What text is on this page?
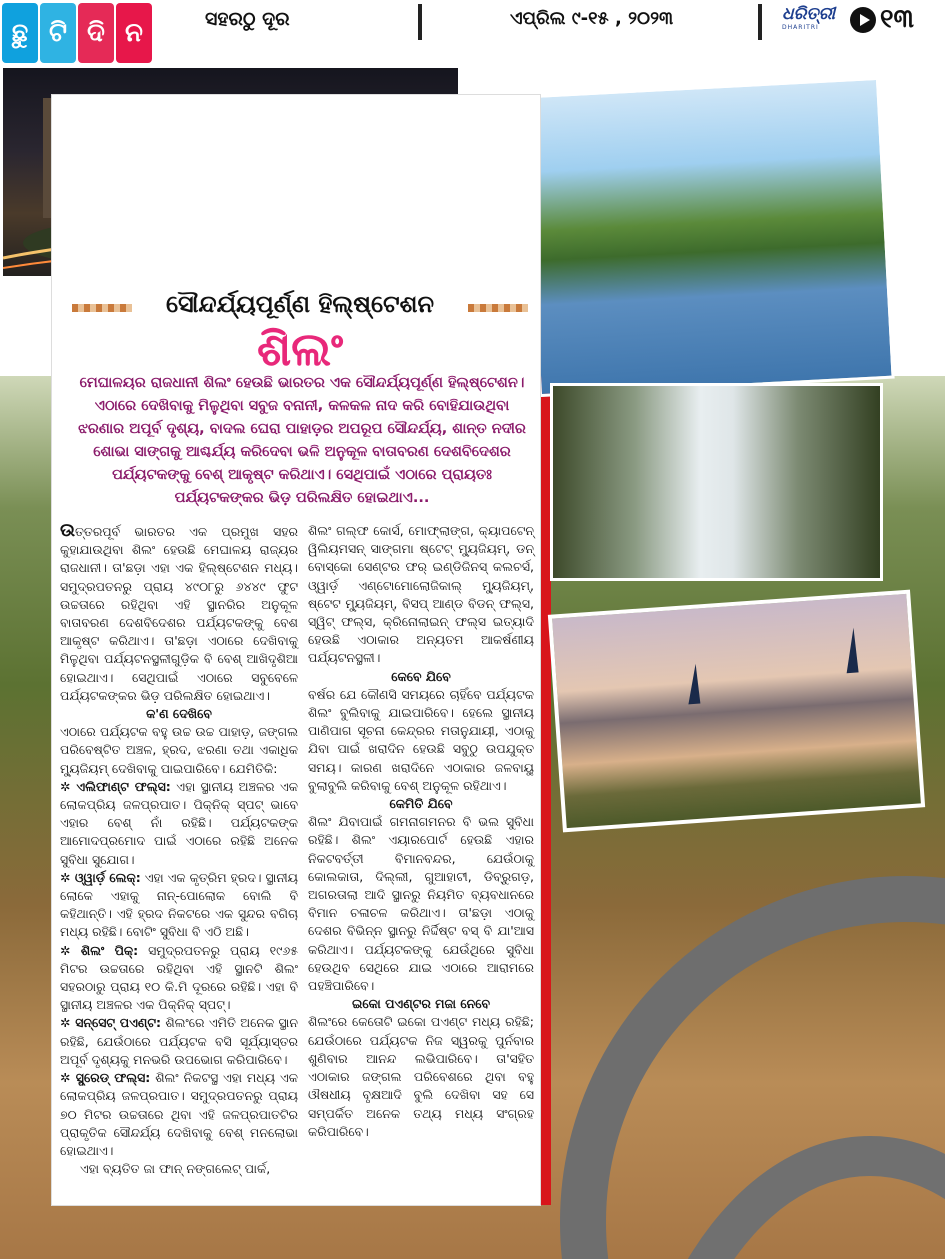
ଛୁ ଟି ଦି ନ	ସହରଠୁ ଦୂର	ଏପ୍ରିଲ ୯-୧୫ , ୨୦୨୩	ଧରିତ୍ରୀ
DHARITRI	୧୩
ସୌନ୍ଦର୍ଯ୍ୟପୂର୍ଣ୍ଣ ହିଲ୍‌ଷ୍ଟେଶନ
ଶିଲଂ
ମେଘାଳୟର ରାଜଧାନୀ ଶିଲଂ ହେଉଛି ଭାରତର ଏକ ସୌନ୍ଦର୍ଯ୍ୟପୂର୍ଣ୍ଣ ହିଲ୍‌ଷ୍ଟେଶନ। ଏଠାରେ ଦେଖିବାକୁ ମିଳୁଥିବା ସବୁଜ ବନାନୀ, କଳକଳ ନାଦ କରି ବୋହିଯାଉଥିବା ଝରଣାର ଅପୂର୍ବ ଦୃଶ୍ୟ, ବାଦଲ ଘେରା ପାହାଡ଼ର ଅପରୂପ ସୌନ୍ଦର୍ଯ୍ୟ, ଶାନ୍ତ ନଦୀର ଶୋଭା ସାଙ୍ଗକୁ ଆଶ୍ଚର୍ଯ୍ୟ କରିଦେବା ଭଳି ଅନୁକୂଳ ବାତାବରଣ ଦେଶବିଦେଶର ପର୍ଯ୍ୟଟକଙ୍କୁ ବେଶ୍ ଆକୃଷ୍ଟ କରିଥାଏ। ସେଥିପାଇଁ ଏଠାରେ ପ୍ରାୟତଃ ପର୍ଯ୍ୟଟକଙ୍କର ଭିଡ଼ ପରିଲକ୍ଷିତ ହୋଇଥାଏ...
ଉତ୍ତରପୂର୍ବ ଭାରତର ଏକ ପ୍ରମୁଖ ସହର କୁହାଯାଉଥିବା ଶିଲଂ ହେଉଛି ମେଘାଳୟ ରାଜ୍ୟର ରାଜଧାନୀ। ତା'ଛଡ଼ା ଏହା ଏକ ହିଲ୍‌ଷ୍ଟେଶନ ମଧ୍ୟ। ସମୁଦ୍ରପତନରୁ ପ୍ରାୟ ୪୯୦୮ରୁ ୬୪୪୯ ଫୁଟ ଉଚ୍ଚତାରେ ରହିଥିବା ଏହି ସ୍ଥାନରିର ଅନୁକୂଳ ବାତାବରଣ ଦେଶବିଦେଶର ପର୍ଯ୍ୟଟକଙ୍କୁ ବେଶ ଆକୃଷ୍ଟ କରିଥାଏ। ତା'ଛଡ଼ା ଏଠାରେ ଦେଖିବାକୁ ମିଳୁଥିବା ପର୍ଯ୍ୟଟନସ୍ଥଳୀଗୁଡ଼ିକ ବି ବେଶ୍ ଆଖିଦୃଶିଆ ହୋଇଥାଏ। ସେଥିପାଇଁ ଏଠାରେ ସବୁବେଳେ ପର୍ଯ୍ୟଟକଙ୍କର ଭିଡ଼ ପରିଲକ୍ଷିତ ହୋଇଥାଏ।
କ'ଣ ଦେଖିବେ
ଏଠାରେ ପର୍ଯ୍ୟଟକ ବହୁ ଉଚ୍ଚ ଉଚ୍ଚ ପାହାଡ଼, ଜଙ୍ଗଲ ପରିବେଷ୍ଟିତ ଅଞ୍ଚଳ, ହ୍ରଦ, ଝରଣା ତଥା ଏକାଧିକ ମ୍ୟୁଜିୟମ୍ ଦେଖିବାକୁ ପାଇପାରିବେ। ଯେମିତିକି:
✲ ଏଲିଫାଣ୍ଟ ଫଲ୍ସ: ଏହା ସ୍ଥାନୀୟ ଅଞ୍ଚଳର ଏକ ଲୋକପ୍ରିୟ ଜଳପ୍ରପାତ। ପିକ୍‌ନିକ୍ ସ୍ପଟ୍ ଭାବେ ଏହାର ବେଶ୍ ନାଁ ରହିଛି। ପର୍ଯ୍ୟଟକଙ୍କ ଆମୋଦପ୍ରମୋଦ ପାଇଁ ଏଠାରେ ରହିଛି ଅନେକ ସୁବିଧା ସୁଯୋଗ।
✲ ଓ୍ୱାର୍ଡ଼ ଲେକ୍: ଏହା ଏକ କୃତ୍ରିମ ହ୍ରଦ। ସ୍ଥାନୀୟ ଲୋକେ ଏହାକୁ ନାନ୍-ପୋଲୋକ ବୋଲି ବି କହିଥାନ୍ତି। ଏହି ହ୍ରଦ ନିକଟରେ ଏକ ସୁନ୍ଦର ବଗିଚା ମଧ୍ୟ ରହିଛି। ବୋଟିଂ ସୁବିଧା ବି ଏଠି ଅଛି।
✲ ଶିଲଂ ପିକ୍: ସମୁଦ୍ରପତନରୁ ପ୍ରାୟ ୧୯୬୫ ମିଟର ଉଚ୍ଚତାରେ ରହିଥିବା ଏହି ସ୍ଥାନଟି ଶିଲଂ ସହରଠାରୁ ପ୍ରାୟ ୧୦ କି.ମି ଦୂରରେ ରହିଛି। ଏହା ବି ସ୍ଥାନୀୟ ଅଞ୍ଚଳର ଏକ ପିକ୍‌ନିକ୍ ସ୍ପଟ୍।
✲ ସନ୍‌ସେଟ୍ ପଏଣ୍ଟ: ଶିଲଂରେ ଏମିତି ଅନେକ ସ୍ଥାନ ରହିଛି, ଯେଉଁଠାରେ ପର୍ଯ୍ୟଟକ ବସି ସୂର୍ଯ୍ୟାସ୍ତର ଅପୂର୍ବ ଦୃଶ୍ୟକୁ ମନଭରି ଉପଭୋଗ କରିପାରିବେ।
✲ ସ୍ପ୍ରେଡ୍ ଫଲ୍ସ: ଶିଲଂ ନିକଟସ୍ଥ ଏହା ମଧ୍ୟ ଏକ ଲୋକପ୍ରିୟ ଜଳପ୍ରପାତ। ସମୁଦ୍ରପତନରୁ ପ୍ରାୟ ୭୦ ମିଟର ଉଚ୍ଚତାରେ ଥିବା ଏହି ଜଳପ୍ରପାତଟିର ପ୍ରାକୃତିକ ସୌନ୍ଦର୍ଯ୍ୟ ଦେଖିବାକୁ ବେଶ୍ ମନଲୋଭା ହୋଇଥାଏ।
ଏହା ବ୍ୟତିତ ଜା ଫାନ୍ ନଙ୍ଗଲେଟ୍ ପାର୍କ,
ଶିଲଂ ଗଲ୍ଫ କୋର୍ସ, ମୋଫ୍ଲାଙ୍ଗ, କ୍ୟାପଟେନ୍ ୱିଲିୟମସନ୍ ସାଙ୍ଗମା ଷ୍ଟେଟ୍ ମ୍ୟୁଜିୟମ୍, ଡନ୍ ବୋସ୍କୋ ସେଣ୍ଟର ଫର୍ ଇଣ୍ଡିଜିନସ୍ କଲଚର୍ସ, ଓ୍ୱାର୍ଡ଼ ଏଣ୍ଟୋମୋଲୋଜିକାଲ୍ ମ୍ୟୁଜିୟମ୍, ଷ୍ଟେଟ ମ୍ୟୁଜିୟମ୍, ବିସପ୍ ଆଣ୍ଡ ବିଡନ୍ ଫଲ୍ସ, ସ୍ୱିଟ୍ ଫଲ୍ସ, କ୍ରିନୋଲାଇନ୍ ଫଲ୍ସ ଇତ୍ୟାଦି ହେଉଛି ଏଠାକାର ଅନ୍ୟତମ ଆକର୍ଷଣୀୟ ପର୍ଯ୍ୟଟନସ୍ଥଳୀ।
କେବେ ଯିବେ
ବର୍ଷର ଯେ କୌଣସି ସମୟରେ ଚାହିଁବେ ପର୍ଯ୍ୟଟକ ଶିଲଂ ବୁଲିବାକୁ ଯାଇପାରିବେ। ହେଲେ ସ୍ଥାନୀୟ ପାଣିପାଗ ସୂଚନା କେନ୍ଦ୍ରର ମତାନୁଯାୟୀ, ଏଠାକୁ ଯିବା ପାଇଁ ଖରାଦିନ ହେଉଛି ସବୁଠୁ ଉପଯୁକ୍ତ ସମୟ। କାରଣ ଖରାଦିନେ ଏଠାକାର ଜଳବାୟୁ ବୁଲାବୁଲି କରିବାକୁ ବେଶ୍ ଅନୁକୂଳ ରହିଥାଏ।
କେମିତି ଯିବେ
ଶିଲଂ ଯିବାପାଇଁ ଗମନାଗମନର ବି ଭଲ ସୁବିଧା ରହିଛି। ଶିଲଂ ଏୟାରପୋର୍ଟ ହେଉଛି ଏହାର ନିକଟବର୍ତ୍ତୀ ବିମାନବନ୍ଦର, ଯେଉଁଠାକୁ କୋଲକାତା, ଦିଲ୍ଲୀ, ଗୁଆହାଟୀ, ଡିବ୍ରୁଗଡ଼, ଅଗରତାଲା ଆଦି ସ୍ଥାନରୁ ନିୟମିତ ବ୍ୟବଧାନରେ ବିମାନ ଚଳାଚଳ କରିଥାଏ। ତା'ଛଡ଼ା ଏଠାକୁ ଦେଶର ବିଭିନ୍ନ ସ୍ଥାନରୁ ନିର୍ଦ୍ଦିଷ୍ଟ ବସ୍ ବି ଯା'ଆସ କରିଥାଏ। ପର୍ଯ୍ୟଟକଙ୍କୁ ଯେଉଁଥିରେ ସୁବିଧା ହେଉଥିବ ସେଥିରେ ଯାଇ ଏଠାରେ ଆରାମରେ ପହଞ୍ଚିପାରିବେ।
ଇକୋ ପଏଣ୍ଟର ମଜା ନେବେ
ଶିଲଂରେ କେତୋଟି ଇକୋ ପଏଣ୍ଟ ମଧ୍ୟ ରହିଛି; ଯେଉଁଠାରେ ପର୍ଯ୍ୟଟକ ନିଜ ସ୍ୱରକୁ ପୁର୍ନବାର ଶୁଣିବାର ଆନନ୍ଦ ଲଭିପାରିବେ। ତା'ସହିତ ଏଠାକାର ଜଙ୍ଗଲ ପରିବେଶରେ ଥିବା ବହୁ ଔଷଧୀୟ ବୃକ୍ଷଆଦି ବୁଲି ଦେଖିବା ସହ ସେ ସମ୍ପର୍କିତ ଅନେକ ତଥ୍ୟ ମଧ୍ୟ ସଂଗ୍ରହ କରିପାରିବେ।
